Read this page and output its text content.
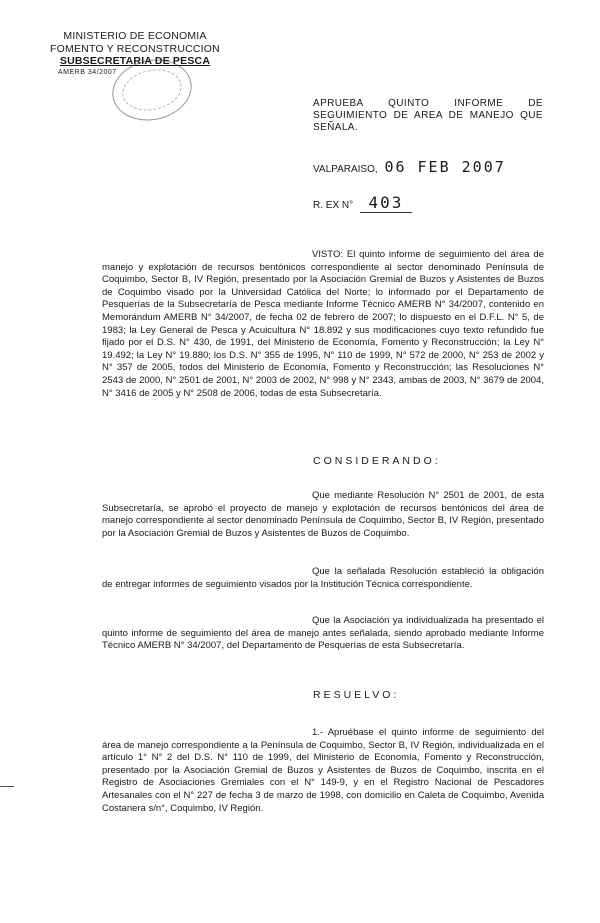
MINISTERIO DE ECONOMIA
FOMENTO Y RECONSTRUCCION
SUBSECRETARIA DE PESCA
AMERB 34/2007
APRUEBA QUINTO INFORME DE SEGUIMIENTO DE AREA DE MANEJO QUE SEÑALA.
VALPARAISO, 06 FEB 2007
R. EX N° 403

VISTO: El quinto informe de seguimiento del área de manejo y explotación de recursos bentónicos correspondiente al sector denominado Península de Coquimbo, Sector B, IV Región, presentado por la Asociación Gremial de Buzos y Asistentes de Buzos de Coquimbo visado por la Universidad Católica del Norte; lo informado por el Departamento de Pesquerías de la Subsecretaría de Pesca mediante Informe Técnico AMERB N° 34/2007, contenido en Memorándum AMERB N° 34/2007, de fecha 02 de febrero de 2007; lo dispuesto en el D.F.L. N° 5, de 1983; la Ley General de Pesca y Acuicultura N° 18.892 y sus modificaciones cuyo texto refundido fue fijado por el D.S. N° 430, de 1991, del Ministerio de Economía, Fomento y Reconstrucción; la Ley N° 19.492; la Ley N° 19.880; los D.S. N° 355 de 1995, N° 110 de 1999, N° 572 de 2000, N° 253 de 2002 y N° 357 de 2005, todos del Ministerio de Economía, Fomento y Reconstrucción; las Resoluciones N° 2543 de 2000, N° 2501 de 2001, N° 2003 de 2002, N° 998 y N° 2343, ambas de 2003, N° 3679 de 2004, N° 3416 de 2005 y N° 2508 de 2006, todas de esta Subsecretaría.

CONSIDERANDO:

Que mediante Resolución N° 2501 de 2001, de esta Subsecretaría, se aprobó el proyecto de manejo y explotación de recursos bentónicos del área de manejo correspondiente al sector denominado Península de Coquimbo, Sector B, IV Región, presentado por la Asociación Gremial de Buzos y Asistentes de Buzos de Coquimbo.

Que la señalada Resolución estableció la obligación de entregar informes de seguimiento visados por la Institución Técnica correspondiente.

Que la Asociación ya individualizada ha presentado el quinto informe de seguimiento del área de manejo antes señalada, siendo aprobado mediante Informe Técnico AMERB N° 34/2007, del Departamento de Pesquerías de esta Subsecretaría.

RESUELVO:

1.- Apruébase el quinto informe de seguimiento del área de manejo correspondiente a la Península de Coquimbo, Sector B, IV Región, individualizada en el artículo 1° N° 2 del D.S. N° 110 de 1999, del Ministerio de Economía, Fomento y Reconstrucción, presentado por la Asociación Gremial de Buzos y Asistentes de Buzos de Coquimbo, inscrita en el Registro de Asociaciones Gremiales con el N° 149-9, y en el Registro Nacional de Pescadores Artesanales con el N° 227 de fecha 3 de marzo de 1998, con domicilio en Caleta de Coquimbo, Avenida Costanera s/n°, Coquimbo, IV Región.
